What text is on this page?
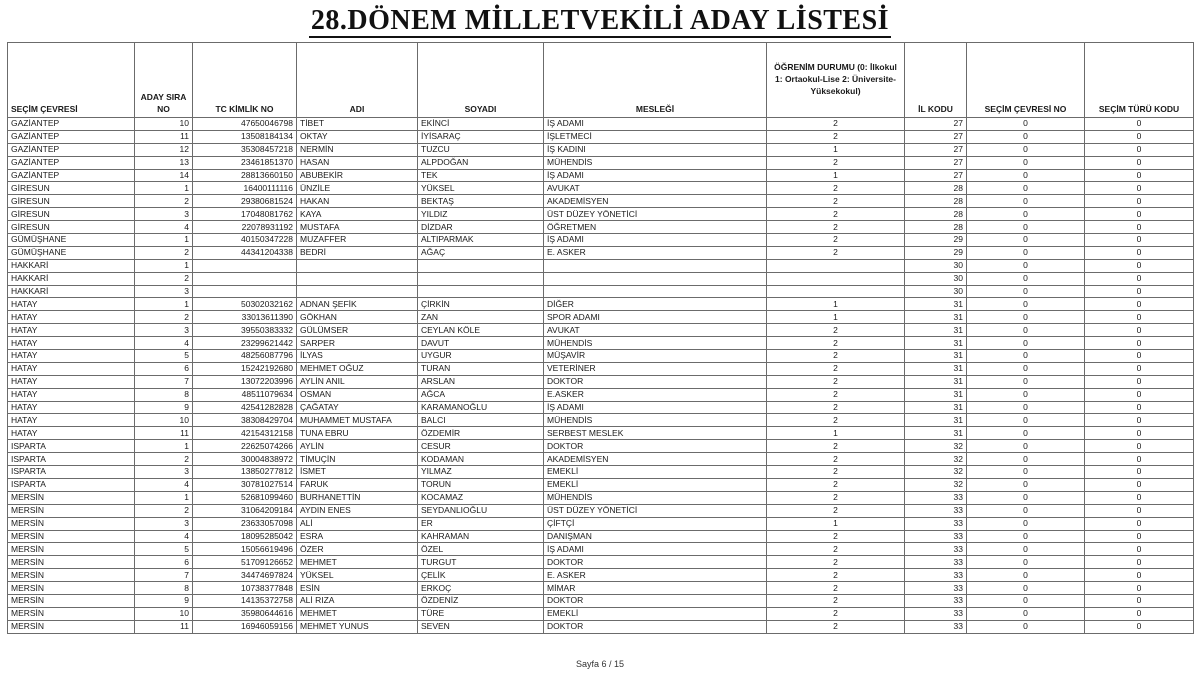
28.DÖNEM MİLLETVEKİLİ ADAY LİSTESİ
SEÇİM ÇEVRESİ	ADAY SIRA NO	TC KİMLİK NO	ADI	SOYADI	MESLEĞİ	ÖĞRENİM DURUMU (0: İlkokul 1: Ortaokul-Lise 2: Üniversite-Yüksekokul)	İL KODU	SEÇİM ÇEVRESİ NO	SEÇİM TÜRÜ KODU
GAZİANTEP	10	47650046798	TİBET	EKİNCİ	İŞ ADAMI	2	27	0	0
GAZİANTEP	11	13508184134	OKTAY	İYİSARAÇ	İŞLETMECİ	2	27	0	0
GAZİANTEP	12	35308457218	NERMİN	TUZCU	İŞ KADINI	1	27	0	0
GAZİANTEP	13	23461851370	HASAN	ALPDOĞAN	MÜHENDİS	2	27	0	0
GAZİANTEP	14	28813660150	ABUBEKİR	TEK	İŞ ADAMI	1	27	0	0
GİRESUN	1	16400111116	ÜNZİLE	YÜKSEL	AVUKAT	2	28	0	0
GİRESUN	2	29380681524	HAKAN	BEKTAŞ	AKADEMİSYEN	2	28	0	0
GİRESUN	3	17048081762	KAYA	YILDIZ	ÜST DÜZEY YÖNETİCİ	2	28	0	0
GİRESUN	4	22078931192	MUSTAFA	DİZDAR	ÖĞRETMEN	2	28	0	0
GÜMÜŞHANE	1	40150347228	MUZAFFER	ALTIPARMAK	İŞ ADAMI	2	29	0	0
GÜMÜŞHANE	2	44341204338	BEDRİ	AĞAÇ	E. ASKER	2	29	0	0
HAKKARİ	1						30	0	0
HAKKARİ	2						30	0	0
HAKKARİ	3						30	0	0
HATAY	1	50302032162	ADNAN ŞEFİK	ÇİRKİN	DİĞER	1	31	0	0
HATAY	2	33013611390	GÖKHAN	ZAN	SPOR ADAMI	1	31	0	0
HATAY	3	39550383332	GÜLÜMSER	CEYLAN KÖLE	AVUKAT	2	31	0	0
HATAY	4	23299621442	SARPER	DAVUT	MÜHENDİS	2	31	0	0
HATAY	5	48256087796	İLYAS	UYGUR	MÜŞAVİR	2	31	0	0
HATAY	6	15242192680	MEHMET OĞUZ	TURAN	VETERİNER	2	31	0	0
HATAY	7	13072203996	AYLİN ANIL	ARSLAN	DOKTOR	2	31	0	0
HATAY	8	48511079634	OSMAN	AĞCA	E.ASKER	2	31	0	0
HATAY	9	42541282828	ÇAĞATAY	KARAMANOĞLU	İŞ ADAMI	2	31	0	0
HATAY	10	38308429704	MUHAMMET MUSTAFA	BALCI	MÜHENDİS	2	31	0	0
HATAY	11	42154312158	TUNA EBRU	ÖZDEMİR	SERBEST MESLEK	1	31	0	0
ISPARTA	1	22625074266	AYLİN	CESUR	DOKTOR	2	32	0	0
ISPARTA	2	30004838972	TİMUÇİN	KODAMAN	AKADEMİSYEN	2	32	0	0
ISPARTA	3	13850277812	İSMET	YILMAZ	EMEKLİ	2	32	0	0
ISPARTA	4	30781027514	FARUK	TORUN	EMEKLİ	2	32	0	0
MERSİN	1	52681099460	BURHANETTİN	KOCAMAZ	MÜHENDİS	2	33	0	0
MERSİN	2	31064209184	AYDIN ENES	SEYDANLIOĞLU	ÜST DÜZEY YÖNETİCİ	2	33	0	0
MERSİN	3	23633057098	ALİ	ER	ÇİFTÇİ	1	33	0	0
MERSİN	4	18095285042	ESRA	KAHRAMAN	DANIŞMAN	2	33	0	0
MERSİN	5	15056619496	ÖZER	ÖZEL	İŞ ADAMI	2	33	0	0
MERSİN	6	51709126652	MEHMET	TURGUT	DOKTOR	2	33	0	0
MERSİN	7	34474697824	YÜKSEL	ÇELİK	E. ASKER	2	33	0	0
MERSİN	8	10738377848	ESİN	ERKOÇ	MİMAR	2	33	0	0
MERSİN	9	14135372758	ALİ RIZA	ÖZDENİZ	DOKTOR	2	33	0	0
MERSİN	10	35980644616	MEHMET	TÜRE	EMEKLİ	2	33	0	0
MERSİN	11	16946059156	MEHMET YUNUS	SEVEN	DOKTOR	2	33	0	0
Sayfa 6 / 15
